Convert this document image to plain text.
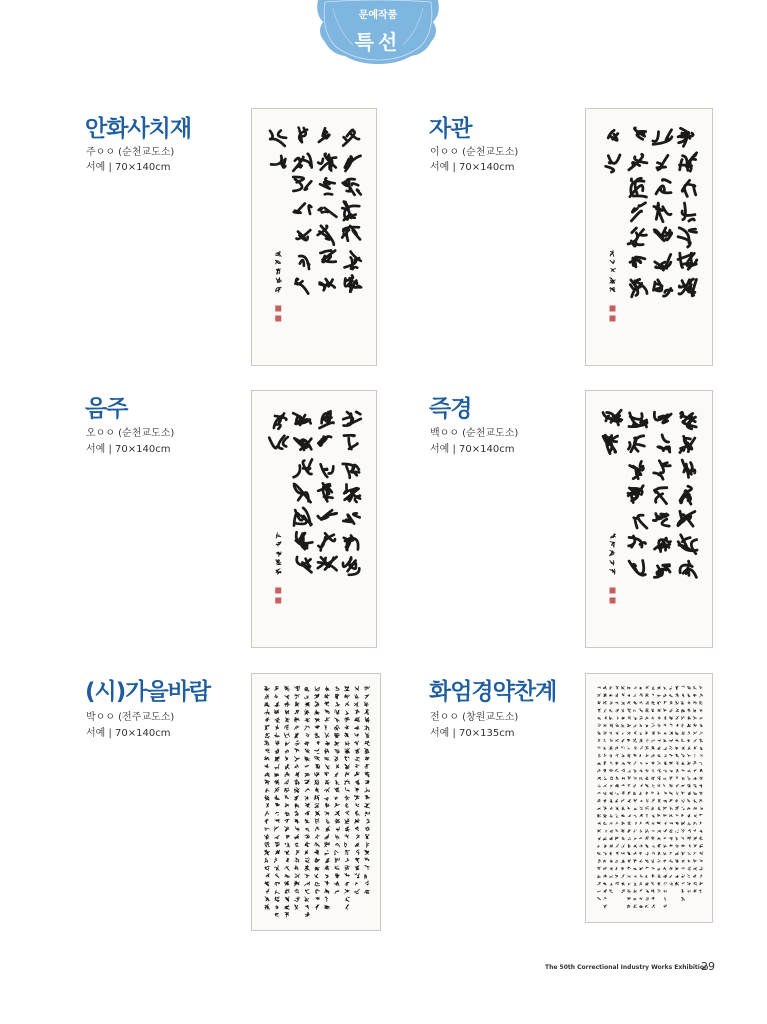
문예작품
특선
안화사치재
주ㅇㅇ (순천교도소)
서예 | 70×140cm
자관
이ㅇㅇ (순천교도소)
서예 | 70×140cm
음주
오ㅇㅇ (순천교도소)
서예 | 70×140cm
즉경
백ㅇㅇ (순천교도소)
서예 | 70×140cm
(시)가을바람
박ㅇㅇ (전주교도소)
서예 | 70×140cm
화엄경약찬계
전ㅇㅇ (창원교도소)
서예 | 70×135cm
The 50th Correctional Industry Works Exhibition
29
